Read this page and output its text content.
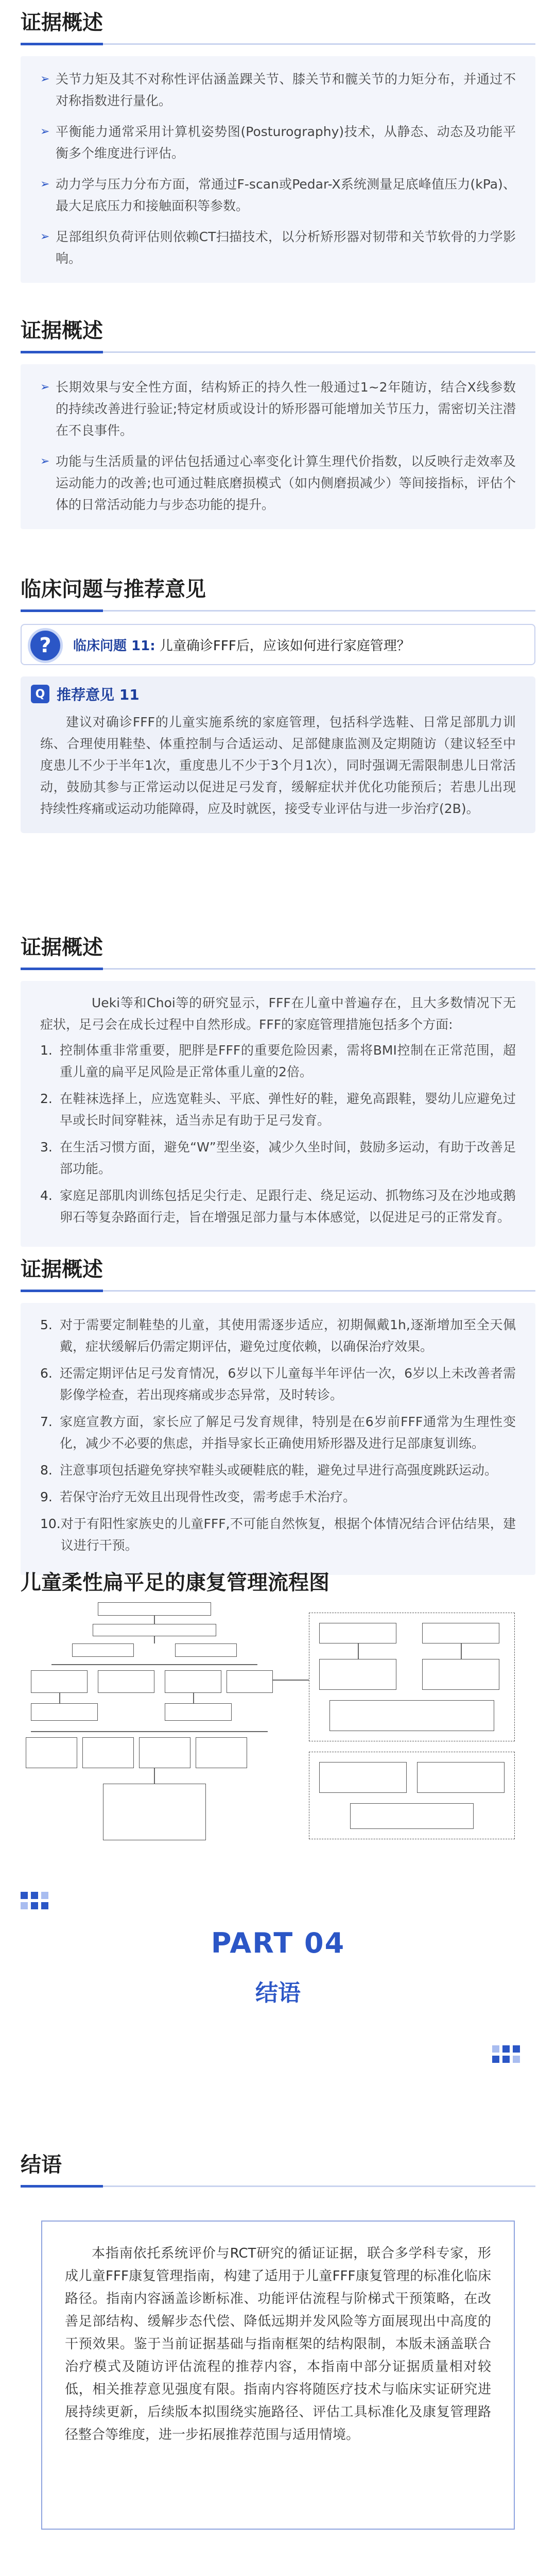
证据概述
➢ 关节力矩及其不对称性评估涵盖踝关节、膝关节和髋关节的力矩分布，并通过不对称指数进行量化。
➢ 平衡能力通常采用计算机姿势图(Posturography)技术，从静态、动态及功能平衡多个维度进行评估。
➢ 动力学与压力分布方面，常通过F-scan或Pedar-X系统测量足底峰值压力(kPa)、最大足底压力和接触面积等参数。
➢ 足部组织负荷评估则依赖CT扫描技术，以分析矫形器对韧带和关节软骨的力学影响。
证据概述
➢ 长期效果与安全性方面，结构矫正的持久性一般通过1~2年随访，结合X线参数的持续改善进行验证;特定材质或设计的矫形器可能增加关节压力，需密切关注潜在不良事件。
➢ 功能与生活质量的评估包括通过心率变化计算生理代价指数，以反映行走效率及运动能力的改善;也可通过鞋底磨损模式（如内侧磨损减少）等间接指标，评估个体的日常活动能力与步态功能的提升。
临床问题与推荐意见
?	临床问题 11: 儿童确诊FFF后，应该如何进行家庭管理？
Q 推荐意见 11
建议对确诊FFF的儿童实施系统的家庭管理，包括科学选鞋、日常足部肌力训练、合理使用鞋垫、体重控制与合适运动、足部健康监测及定期随访（建议轻至中度患儿不少于半年1次，重度患儿不少于3个月1次），同时强调无需限制患儿日常活动，鼓励其参与正常运动以促进足弓发育，缓解症状并优化功能预后；若患儿出现持续性疼痛或运动功能障碍，应及时就医，接受专业评估与进一步治疗(2B)。
证据概述
Ueki等和Choi等的研究显示，FFF在儿童中普遍存在，且大多数情况下无症状，足弓会在成长过程中自然形成。FFF的家庭管理措施包括多个方面:
1. 控制体重非常重要，肥胖是FFF的重要危险因素，需将BMI控制在正常范围，超重儿童的扁平足风险是正常体重儿童的2倍。
2. 在鞋袜选择上，应选宽鞋头、平底、弹性好的鞋，避免高跟鞋，婴幼儿应避免过早或长时间穿鞋袜，适当赤足有助于足弓发育。
3. 在生活习惯方面，避免“W”型坐姿，减少久坐时间，鼓励多运动，有助于改善足部功能。
4. 家庭足部肌肉训练包括足尖行走、足跟行走、绕足运动、抓物练习及在沙地或鹅卵石等复杂路面行走，旨在增强足部力量与本体感觉，以促进足弓的正常发育。
证据概述
5. 对于需要定制鞋垫的儿童，其使用需逐步适应，初期佩戴1h,逐渐增加至全天佩戴，症状缓解后仍需定期评估，避免过度依赖，以确保治疗效果。
6. 还需定期评估足弓发育情况，6岁以下儿童每半年评估一次，6岁以上未改善者需影像学检查，若出现疼痛或步态异常，及时转诊。
7. 家庭宣教方面，家长应了解足弓发育规律，特别是在6岁前FFF通常为生理性变化，减少不必要的焦虑，并指导家长正确使用矫形器及进行足部康复训练。
8. 注意事项包括避免穿挟窄鞋头或硬鞋底的鞋，避免过早进行高强度跳跃运动。
9. 若保守治疗无效且出现骨性改变，需考虑手术治疗。
10. 对于有阳性家族史的儿童FFF,不可能自然恢复，根据个体情况结合评估结果，建议进行干预。
儿童柔性扁平足的康复管理流程图
PART 04
结语
结语

本指南依托系统评价与RCT研究的循证证据，联合多学科专家，形成儿童FFF康复管理指南，构建了适用于儿童FFF康复管理的标准化临床路径。指南内容涵盖诊断标准、功能评估流程与阶梯式干预策略，在改善足部结构、缓解步态代偿、降低远期并发风险等方面展现出中高度的干预效果。鉴于当前证据基础与指南框架的结构限制，本版未涵盖联合治疗模式及随访评估流程的推荐内容，本指南中部分证据质量相对较低，相关推荐意见强度有限。指南内容将随医疗技术与临床实证研究进展持续更新，后续版本拟围绕实施路径、评估工具标准化及康复管理路径整合等维度，进一步拓展推荐范围与适用情境。
